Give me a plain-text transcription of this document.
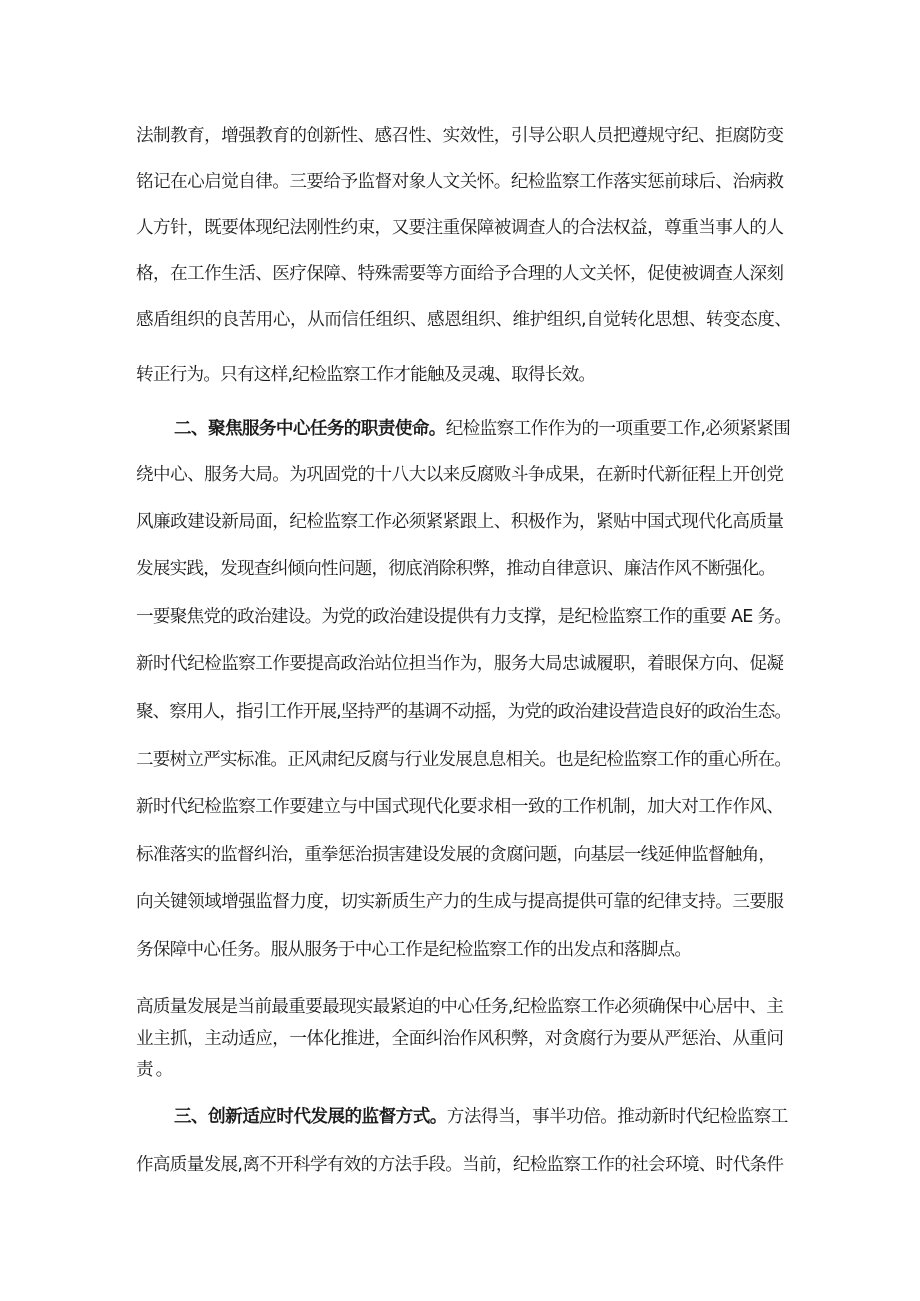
法制教育，增强教育的创新性、感召性、实效性，引导公职人员把遵规守纪、拒腐防变
铭记在心启觉自律。三要给予监督对象人文关怀。纪检监察工作落实惩前球后、治病救
人方针，既要体现纪法刚性约束，又要注重保障被调查人的合法权益，尊重当事人的人
格，在工作生活、医疗保障、特殊需要等方面给予合理的人文关怀，促使被调查人深刻
感盾组织的良苦用心，从而信任组织、感恩组织、维护组织,自觉转化思想、转变态度、
转正行为。只有这样,纪检监察工作才能触及灵魂、取得长效。
二、聚焦服务中心任务的职责使命。纪检监察工作作为的一项重要工作,必须紧紧围
绕中心、服务大局。为巩固党的十八大以来反腐败斗争成果，在新时代新征程上开创党
风廉政建设新局面，纪检监察工作必须紧紧跟上、积极作为，紧贴中国式现代化高质量
发展实践，发现查纠倾向性问题，彻底消除积弊，推动自律意识、廉洁作风不断强化。
一要聚焦党的政治建设。为党的政治建设提供有力支撑，是纪检监察工作的重要 AE 务。
新时代纪检监察工作要提高政治站位担当作为，服务大局忠诚履职，着眼保方向、促凝
聚、察用人，指引工作开展,坚持严的基调不动摇，为党的政治建设营造良好的政治生态。
二要树立严实标准。正风肃纪反腐与行业发展息息相关。也是纪检监察工作的重心所在。
新时代纪检监察工作要建立与中国式现代化要求相一致的工作机制，加大对工作作风、
标准落实的监督纠治，重拳惩治损害建设发展的贪腐问题，向基层一线延伸监督触角，
向关键领域增强监督力度，切实新质生产力的生成与提高提供可靠的纪律支持。三要服
务保障中心任务。服从服务于中心工作是纪检监察工作的出发点和落脚点。
高质量发展是当前最重要最现实最紧迫的中心任务,纪检监察工作必须确保中心居中、主
业主抓，主动适应，一体化推进，全面纠治作风积弊，对贪腐行为要从严惩治、从重问
责。
三、创新适应时代发展的监督方式。方法得当，事半功倍。推动新时代纪检监察工
作高质量发展,离不开科学有效的方法手段。当前，纪检监察工作的社会环境、时代条件
